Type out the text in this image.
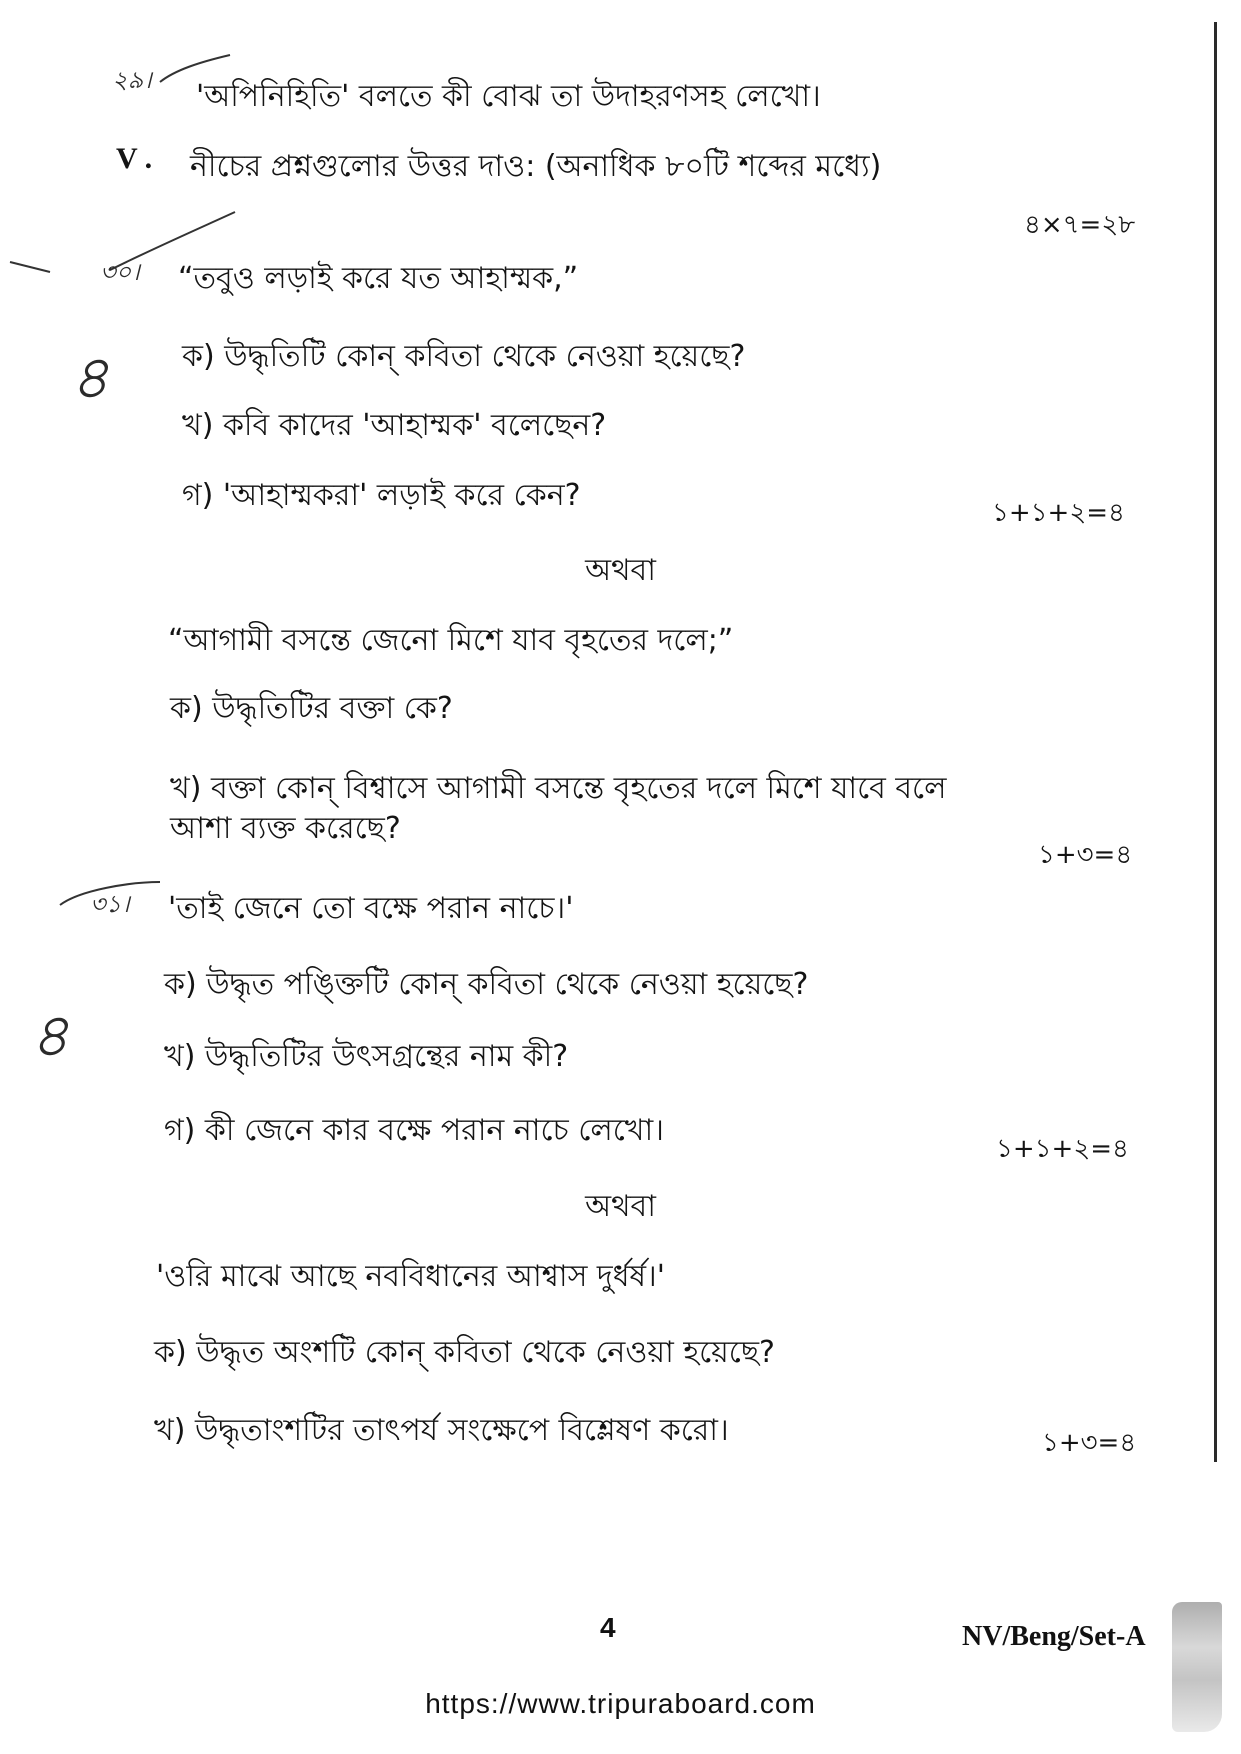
২৯। 'অপিনিহিতি' বলতে কী বোঝ তা উদাহরণসহ লেখো।
V . নীচের প্রশ্নগুলোর উত্তর দাও: (অনাধিক ৮০টি শব্দের মধ্যে)
৪×৭=২৮
৩০। “তবুও লড়াই করে যত আহাম্মক,”
৪ ক) উদ্ধৃতিটি কোন্ কবিতা থেকে নেওয়া হয়েছে?
খ) কবি কাদের 'আহাম্মক' বলেছেন?
গ) 'আহাম্মকরা' লড়াই করে কেন?	১+১+২=৪
অথবা
“আগামী বসন্তে জেনো মিশে যাব বৃহতের দলে;”
ক) উদ্ধৃতিটির বক্তা কে?
খ) বক্তা কোন্ বিশ্বাসে আগামী বসন্তে বৃহতের দলে মিশে যাবে বলে
আশা ব্যক্ত করেছে?
১+৩=৪
৩১। 'তাই জেনে তো বক্ষে পরান নাচে।'
৪
ক) উদ্ধৃত পঙ্ক্তিটি কোন্ কবিতা থেকে নেওয়া হয়েছে?
খ) উদ্ধৃতিটির উৎসগ্রন্থের নাম কী?
গ) কী জেনে কার বক্ষে পরান নাচে লেখো।
১+১+২=৪
অথবা
'ওরি মাঝে আছে নববিধানের আশ্বাস দুর্ধর্ষ।'
ক) উদ্ধৃত অংশটি কোন্ কবিতা থেকে নেওয়া হয়েছে?
খ) উদ্ধৃতাংশটির তাৎপর্য সংক্ষেপে বিশ্লেষণ করো।	১+৩=৪
4	NV/Beng/Set-A
https://www.tripuraboard.com
